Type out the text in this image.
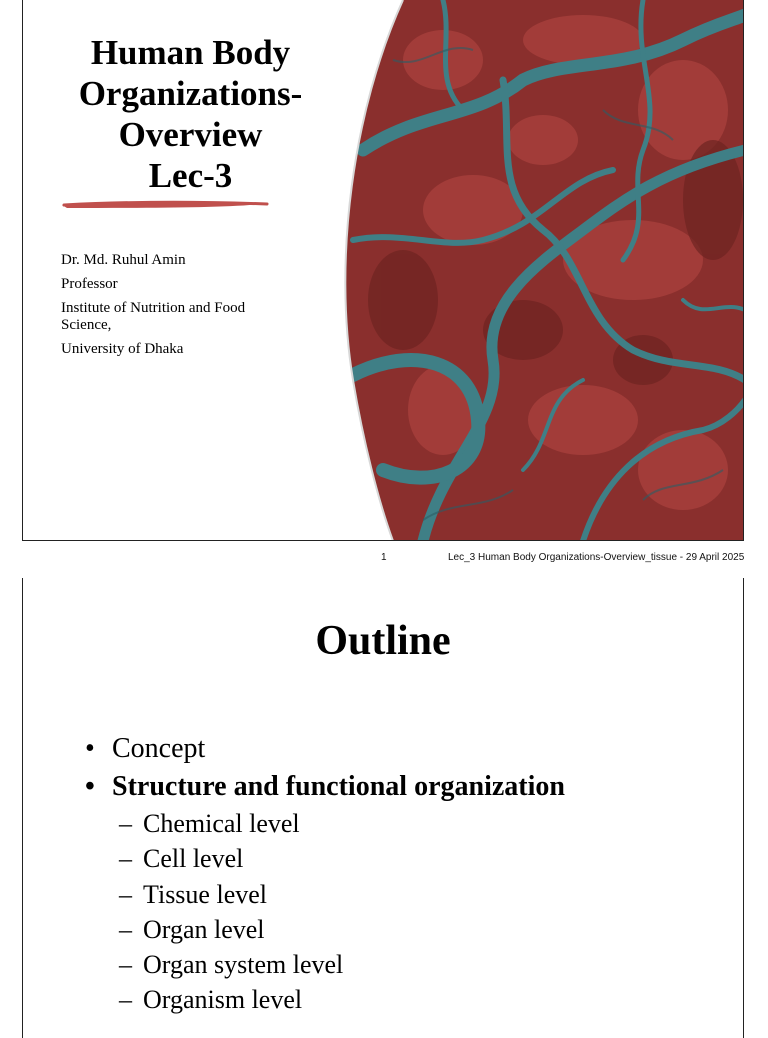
Human Body
Organizations-
Overview
Lec-3
Dr. Md. Ruhul Amin
Professor
Institute of Nutrition and Food Science,
University of Dhaka
1	Lec_3 Human Body Organizations-Overview_tissue - 29 April 2025
Outline
• Concept
• Structure and functional organization
– Chemical level
– Cell level
– Tissue level
– Organ level
– Organ system level
– Organism level
